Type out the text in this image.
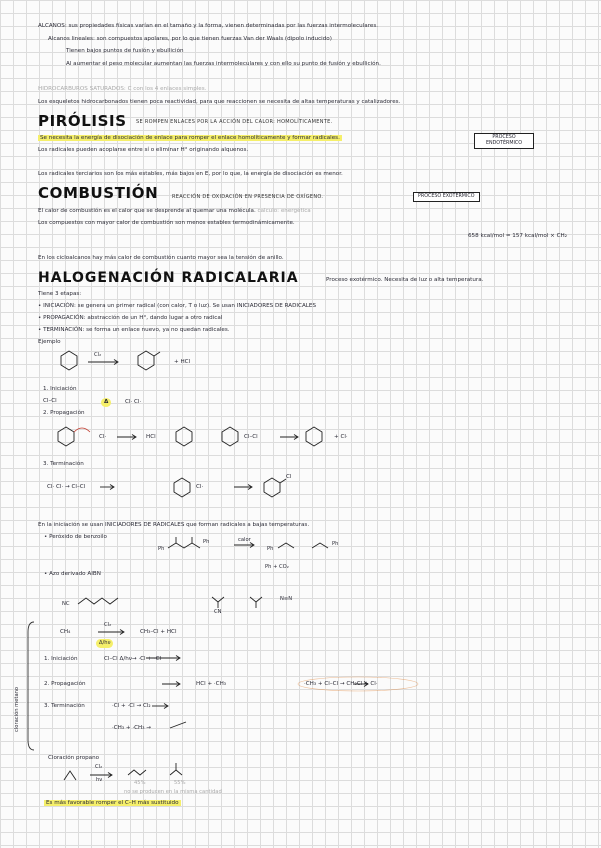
ALCANOS: sus propiedades físicas varían en el tamaño y la forma, vienen determinadas por las fuerzas intermoleculares.
Alcanos lineales: son compuestos apolares, por lo que tienen fuerzas Van der Waals (dipolo inducido)
Tienen bajos puntos de fusión y ebullición
Al aumentar el peso molecular aumentan las fuerzas intermoleculares y con ello su punto de fusión y ebullición.
HIDROCARBUROS SATURADOS: C con los 4 enlaces simples.
Los esqueletos hidrocarbonados tienen poca reactividad, para que reaccionen se necesita de altas temperaturas y catalizadores.
PIRÓLISIS SE ROMPEN ENLACES POR LA ACCIÓN DEL CALOR: HOMOLÍTICAMENTE.
Se necesita la energía de disociación de enlace para romper el enlace homolíticamente y formar radicales.
Los radicales pueden acoplarse entre sí o eliminar H° originando alquenos.
PROCESO ENDOTÉRMICO
Los radicales terciarios son los más estables, más bajos en E, por lo que, la energía de disociación es menor.
COMBUSTIÓN	REACCIÓN DE OXIDACIÓN EN PRESENCIA DE OXÍGENO.	PROCESO EXOTÉRMICO
El calor de combustión es el calor que se desprende al quemar una molécula. calculo: energética
Los compuestos con mayor calor de combustión son menos estables termodinámicamente.
658 kcal/mol = 157 kcal/mol × CH₂
En los cicloalcanos hay más calor de combustión cuanto mayor sea la tensión de anillo.
HALOGENACIÓN RADICALARIA	Proceso exotérmico. Necesita de luz o alta temperatura.
Tiene 3 etapas:
• INICIACIÓN: se genera un primer radical (con calor, T o luz). Se usan INICIADORES DE RADICALES
• PROPAGACIÓN: abstracción de un H°, dando lugar a otro radical
• TERMINACIÓN: se forma un enlace nuevo, ya no quedan radicales.
Ejemplo
Cl₂
+ HCl
1. Iniciación
Cl–Cl	Δ	Cl· Cl·
2. Propagación
Cl·	HCl	Cl–Cl	+ Cl·
3. Terminación
Cl· Cl· → Cl–Cl	Cl·
Cl
En la iniciación se usan INICIADORES DE RADICALES que forman radicales a bajas temperaturas.
• Peróxido de benzoilo
Ph
Ph	calor
Ph
Ph
Ph + CO₂
• Azo derivado AIBN
NC
CN
N≡N
cloración metano
CH₄
Cl₂
Δ/hν
CH₃–Cl + HCl
1. Iniciación	Cl–Cl Δ/hν→ ·Cl + ·Cl
2. Propagación	HCl + ·CH₃	·CH₃ + Cl–Cl → CH₃Cl + Cl·
3. Terminación	·Cl + ·Cl → Cl₂
·CH₃ + ·CH₃ →
Cloración propano
Cl₂
hν	45%	55%
no se producen en la misma cantidad
Es más favorable romper el C–H más sustituido
